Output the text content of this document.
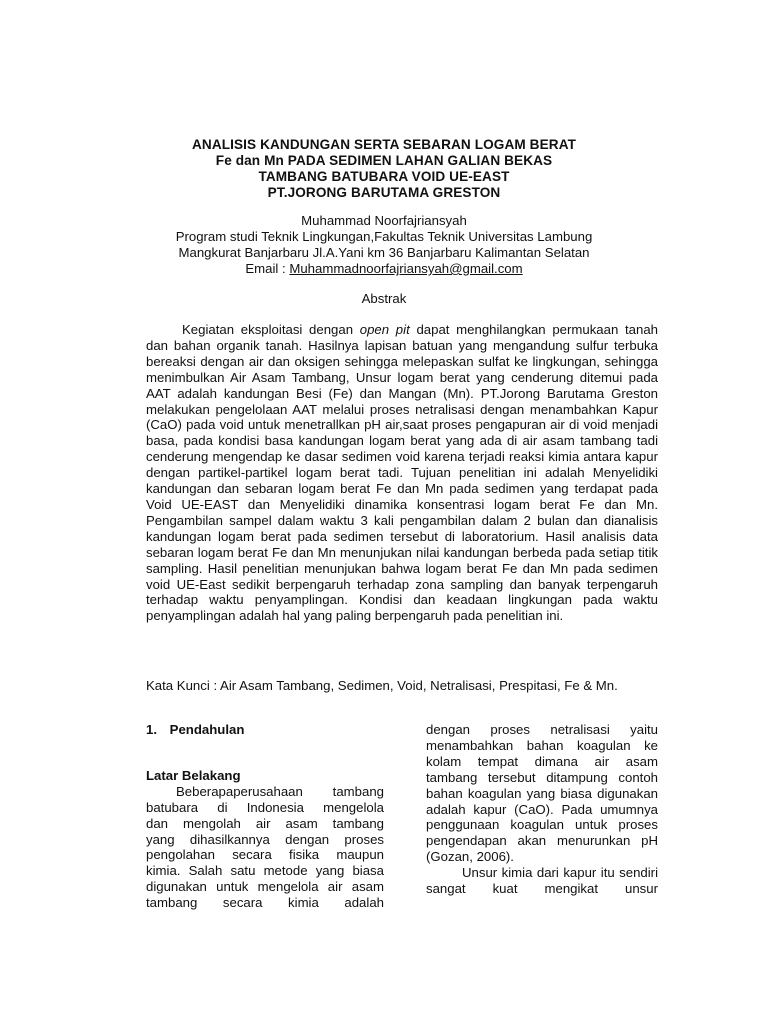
ANALISIS KANDUNGAN SERTA SEBARAN LOGAM BERAT
Fe dan Mn PADA SEDIMEN LAHAN GALIAN BEKAS
TAMBANG BATUBARA VOID UE-EAST
PT.JORONG BARUTAMA GRESTON
Muhammad Noorfajriansyah
Program studi Teknik Lingkungan,Fakultas Teknik Universitas Lambung
Mangkurat Banjarbaru Jl.A.Yani km 36 Banjarbaru Kalimantan Selatan
Email : Muhammadnoorfajriansyah@gmail.com
Abstrak

Kegiatan eksploitasi dengan open pit dapat menghilangkan permukaan tanah dan bahan organik tanah. Hasilnya lapisan batuan yang mengandung sulfur terbuka bereaksi dengan air dan oksigen sehingga melepaskan sulfat ke lingkungan, sehingga menimbulkan Air Asam Tambang, Unsur logam berat yang cenderung ditemui pada AAT adalah kandungan Besi (Fe) dan Mangan (Mn). PT.Jorong Barutama Greston melakukan pengelolaan AAT melalui proses netralisasi dengan menambahkan Kapur (CaO) pada void untuk menetrallkan pH air,saat proses pengapuran air di void menjadi basa, pada kondisi basa kandungan logam berat yang ada di air asam tambang tadi cenderung mengendap ke dasar sedimen void karena terjadi reaksi kimia antara kapur dengan partikel-partikel logam berat tadi. Tujuan penelitian ini adalah Menyelidiki kandungan dan sebaran logam berat Fe dan Mn pada sedimen yang terdapat pada Void UE-EAST dan Menyelidiki dinamika konsentrasi logam berat Fe dan Mn. Pengambilan sampel dalam waktu 3 kali pengambilan dalam 2 bulan dan dianalisis kandungan logam berat pada sedimen tersebut di laboratorium. Hasil analisis data sebaran logam berat Fe dan Mn menunjukan nilai kandungan berbeda pada setiap titik sampling. Hasil penelitian menunjukan bahwa logam berat Fe dan Mn pada sedimen void UE-East sedikit berpengaruh terhadap zona sampling dan banyak terpengaruh terhadap waktu penyamplingan. Kondisi dan keadaan lingkungan pada waktu penyamplingan adalah hal yang paling berpengaruh pada penelitian ini.

Kata Kunci : Air Asam Tambang, Sedimen, Void, Netralisasi, Prespitasi, Fe & Mn.

1. Pendahulan

Latar Belakang

Beberapaperusahaan tambang

batubara di Indonesia mengelola

dan mengolah air asam tambang

yang dihasilkannya dengan proses

pengolahan secara fisika maupun

kimia. Salah satu metode yang biasa

digunakan untuk mengelola air asam

tambang secara kimia adalah

dengan proses netralisasi yaitu menambahkan bahan koagulan ke kolam tempat dimana air asam tambang tersebut ditampung contoh bahan koagulan yang biasa digunakan adalah kapur (CaO). Pada umumnya penggunaan koagulan untuk proses pengendapan akan menurunkan pH (Gozan, 2006).

Unsur kimia dari kapur itu sendiri sangat kuat mengikat unsur
